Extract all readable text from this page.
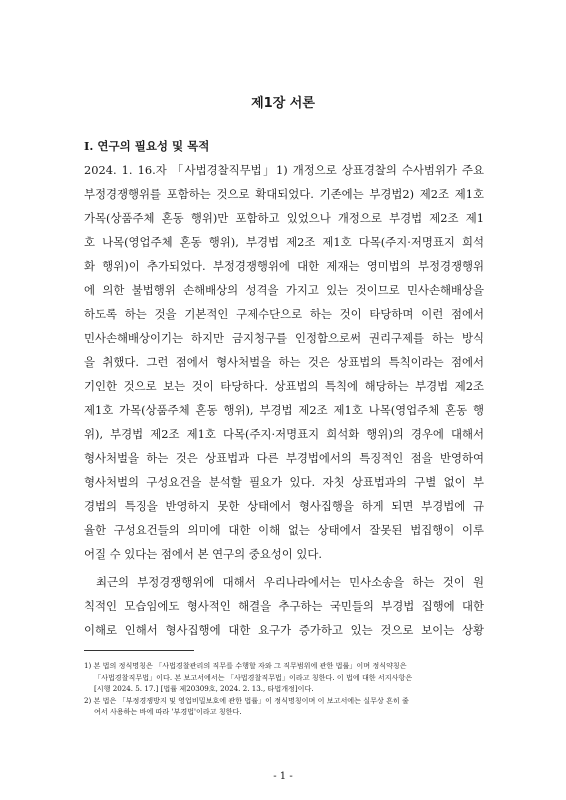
제1장 서론
Ⅰ. 연구의 필요성 및 목적
2024. 1. 16.자 「사법경찰직무법」1) 개정으로 상표경찰의 수사범위가 주요
부정경쟁행위를 포함하는 것으로 확대되었다. 기존에는 부경법2) 제2조 제1호
가목(상품주체 혼동 행위)만 포함하고 있었으나 개정으로 부경법 제2조 제1
호 나목(영업주체 혼동 행위), 부경법 제2조 제1호 다목(주지·저명표지 희석
화 행위)이 추가되었다. 부정경쟁행위에 대한 제재는 영미법의 부정경쟁행위
에 의한 불법행위 손해배상의 성격을 가지고 있는 것이므로 민사손해배상을
하도록 하는 것을 기본적인 구제수단으로 하는 것이 타당하며 이런 점에서
민사손해배상이기는 하지만 금지청구를 인정함으로써 권리구제를 하는 방식
을 취했다. 그런 점에서 형사처벌을 하는 것은 상표법의 특칙이라는 점에서
기인한 것으로 보는 것이 타당하다. 상표법의 특칙에 해당하는 부경법 제2조
제1호 가목(상품주체 혼동 행위), 부경법 제2조 제1호 나목(영업주체 혼동 행
위), 부경법 제2조 제1호 다목(주지·저명표지 희석화 행위)의 경우에 대해서
형사처벌을 하는 것은 상표법과 다른 부경법에서의 특징적인 점을 반영하여
형사처벌의 구성요건을 분석할 필요가 있다. 자칫 상표법과의 구별 없이 부
경법의 특징을 반영하지 못한 상태에서 형사집행을 하게 되면 부경법에 규
율한 구성요건들의 의미에 대한 이해 없는 상태에서 잘못된 법집행이 이루
어질 수 있다는 점에서 본 연구의 중요성이 있다.
최근의 부정경쟁행위에 대해서 우리나라에서는 민사소송을 하는 것이 원
칙적인 모습임에도 형사적인 해결을 추구하는 국민들의 부경법 집행에 대한
이해로 인해서 형사집행에 대한 요구가 증가하고 있는 것으로 보이는 상황
1) 본 법의 정식명칭은 「사법경찰관리의 직무를 수행할 자와 그 직무범위에 관한 법률」이며 정식약칭은
「사법경찰직무법」이다. 본 보고서에서는 「사법경찰직무법」이라고 칭한다. 이 법에 대한 서지사항은
[시행 2024. 5. 17.] [법률 제20309호, 2024. 2. 13., 타법개정]이다.
2) 본 법은 「부정경쟁방지 및 영업비밀보호에 관한 법률」이 정식명칭이며 이 보고서에는 실무상 흔히 줄
여서 사용하는 바에 따라 '부경법'이라고 칭한다.
- 1 -
